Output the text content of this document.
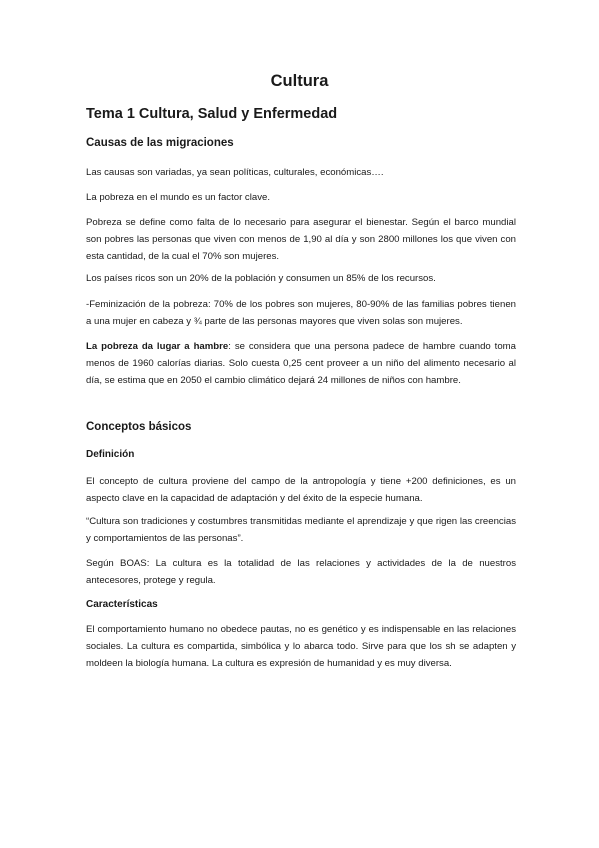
Cultura
Tema 1 Cultura, Salud y Enfermedad
Causas de las migraciones
Las causas son variadas, ya sean políticas, culturales, económicas….
La pobreza en el mundo es un factor clave.
Pobreza se define como falta de lo necesario para asegurar el bienestar. Según el barco mundial son pobres las personas que viven con menos de 1,90 al día y son 2800 millones los que viven con esta cantidad, de la cual el 70% son mujeres.
Los países ricos son un 20% de la población y consumen un 85% de los recursos.
-Feminización de la pobreza: 70% de los pobres son mujeres, 80-90% de las familias pobres tienen a una mujer en cabeza y ¾ parte de las personas mayores que viven solas son mujeres.
La pobreza da lugar a hambre: se considera que una persona padece de hambre cuando toma menos de 1960 calorías diarias. Solo cuesta 0,25 cent proveer a un niño del alimento necesario al día, se estima que en 2050 el cambio climático dejará 24 millones de niños con hambre.
Conceptos básicos
Definición
El concepto de cultura proviene del campo de la antropología y tiene +200 definiciones, es un aspecto clave en la capacidad de adaptación y del éxito de la especie humana.
“Cultura son tradiciones y costumbres transmitidas mediante el aprendizaje y que rigen las creencias y comportamientos de las personas”.
Según BOAS: La cultura es la totalidad de las relaciones y actividades de la de nuestros antecesores, protege y regula.
Características
El comportamiento humano no obedece pautas, no es genético y es indispensable en las relaciones sociales. La cultura es compartida, simbólica y lo abarca todo. Sirve para que los sh se adapten y moldeen la biología humana. La cultura es expresión de humanidad y es muy diversa.
